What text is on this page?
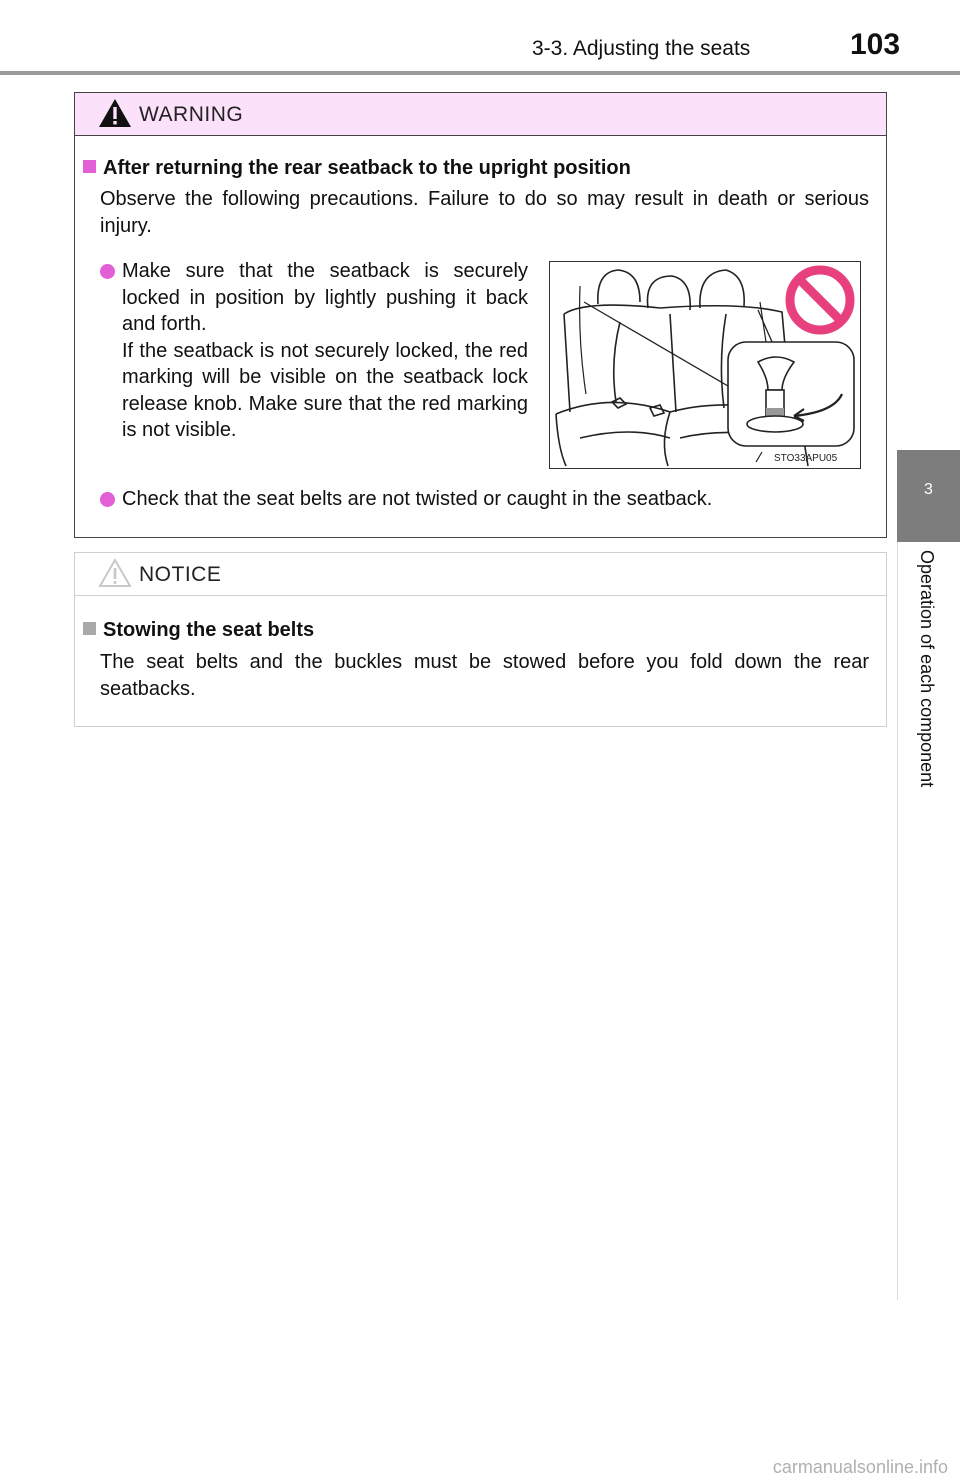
3-3. Adjusting the seats	103
3
Operation of each component
WARNING
After returning the rear seatback to the upright position
Observe the following precautions. Failure to do so may result in death or serious injury.
Make sure that the seatback is securely locked in position by lightly pushing it back and forth.
If the seatback is not securely locked, the red marking will be visible on the seatback lock release knob. Make sure that the red marking is not visible.
STO33APU05
Check that the seat belts are not twisted or caught in the seatback.
NOTICE
Stowing the seat belts
The seat belts and the buckles must be stowed before you fold down the rear seatbacks.
carmanualsonline.info
